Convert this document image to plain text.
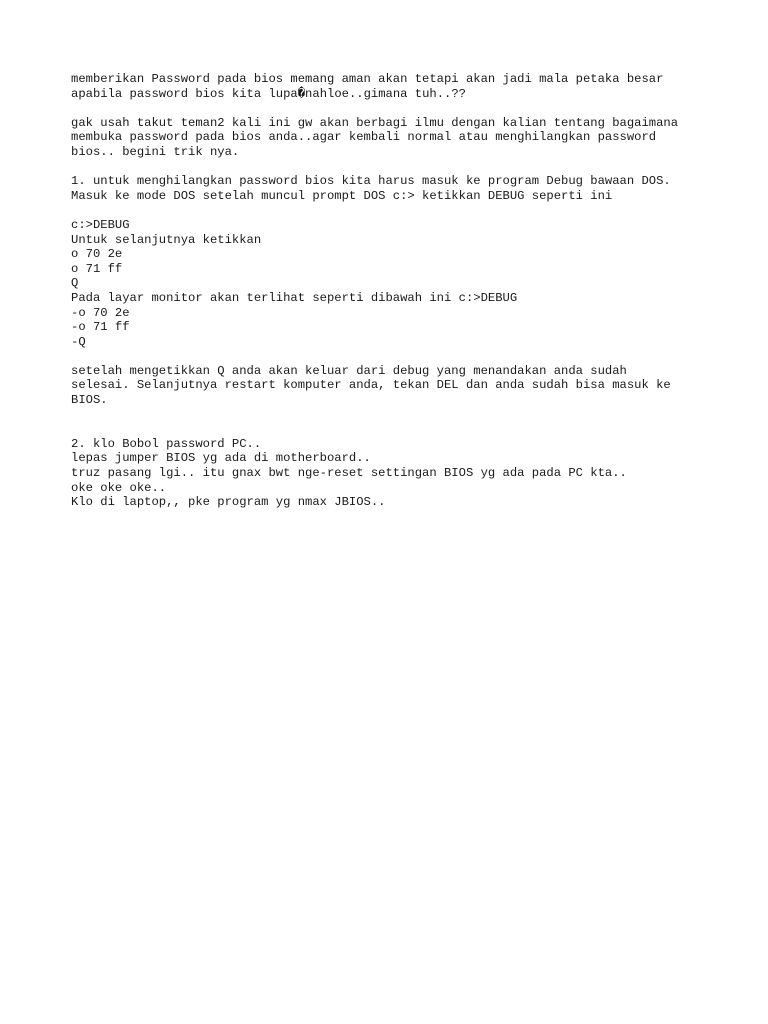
memberikan Password pada bios memang aman akan tetapi akan jadi mala petaka besar
apabila password bios kita lupa�nahloe..gimana tuh..??
gak usah takut teman2 kali ini gw akan berbagi ilmu dengan kalian tentang bagaimana
membuka password pada bios anda..agar kembali normal atau menghilangkan password
bios.. begini trik nya.
1. untuk menghilangkan password bios kita harus masuk ke program Debug bawaan DOS.
Masuk ke mode DOS setelah muncul prompt DOS c:> ketikkan DEBUG seperti ini
c:>DEBUG
Untuk selanjutnya ketikkan
o 70 2e
o 71 ff
Q
Pada layar monitor akan terlihat seperti dibawah ini c:>DEBUG
-o 70 2e
-o 71 ff
-Q
setelah mengetikkan Q anda akan keluar dari debug yang menandakan anda sudah
selesai. Selanjutnya restart komputer anda, tekan DEL dan anda sudah bisa masuk ke
BIOS.
2. klo Bobol password PC..
lepas jumper BIOS yg ada di motherboard..
truz pasang lgi.. itu gnax bwt nge-reset settingan BIOS yg ada pada PC kta..
oke oke oke..
Klo di laptop,, pke program yg nmax JBIOS..
